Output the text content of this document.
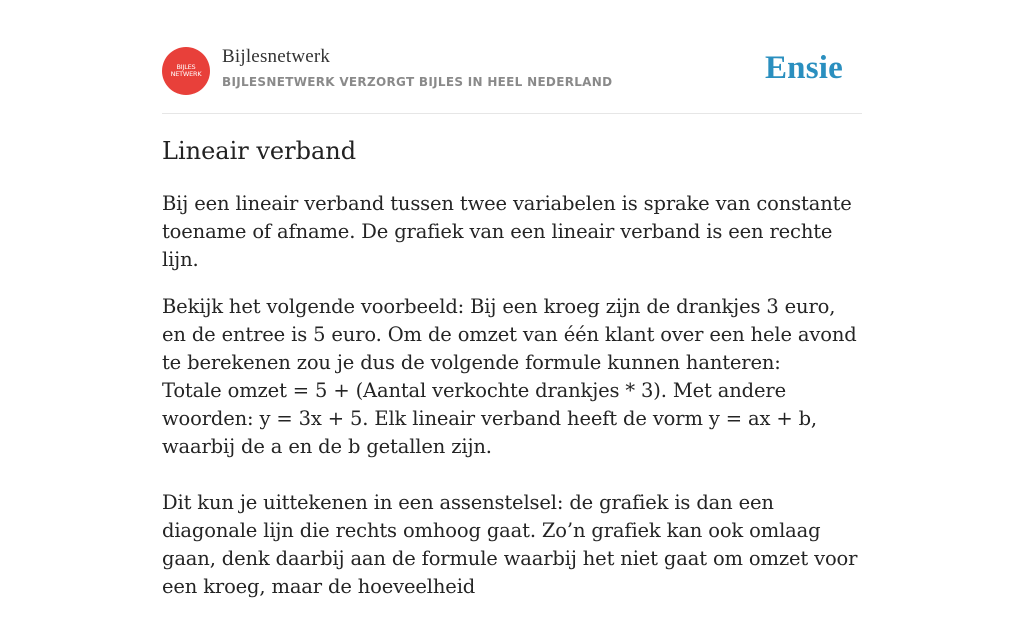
BIJLES
NETWERK
Bijlesnetwerk
BIJLESNETWERK VERZORGT BIJLES IN HEEL NEDERLAND	Ensie
Lineair verband

Bij een lineair verband tussen twee variabelen is sprake van constante toename of afname. De grafiek van een lineair verband is een rechte lijn.

Bekijk het volgende voorbeeld: Bij een kroeg zijn de drankjes 3 euro, en de entree is 5 euro. Om de omzet van één klant over een hele avond te berekenen zou je dus de volgende formule kunnen hanteren:
Totale omzet = 5 + (Aantal verkochte drankjes * 3). Met andere woorden: y = 3x + 5. Elk lineair verband heeft de vorm y = ax + b, waarbij de a en de b getallen zijn.

Dit kun je uittekenen in een assenstelsel: de grafiek is dan een diagonale lijn die rechts omhoog gaat. Zo’n grafiek kan ook omlaag gaan, denk daarbij aan de formule waarbij het niet gaat om omzet voor een kroeg, maar de hoeveelheid
